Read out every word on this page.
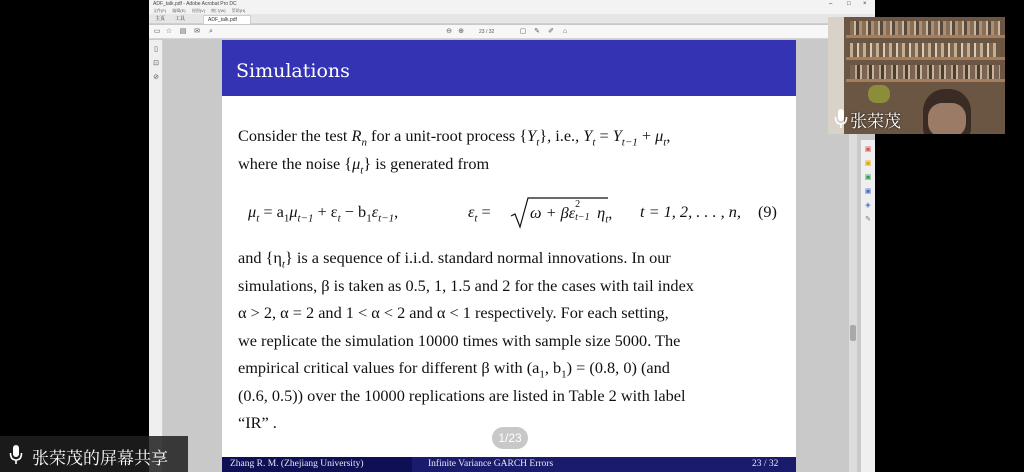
ADF_talk.pdf - Adobe Acrobat Pro DC	– □ ×
文件(F) 编辑(E) 视图(V) 窗口(W) 帮助(H)
主页	工具	ADF_talk.pdf
▭ ☆ ▤ ✉ ⌕	⊖ ⊕	23 / 32	▢ ✎ ✐ ⌂
▯
⊡
⊘	Simulations
Consider the test $R_n$ for a unit-root process $\{Y_t\}$, i.e., $Y_t = Y_{t-1} + \mu_t$,
where the noise $\{\mu_t\}$ is generated from
$\mu_t = a_1\mu_{t-1} + \varepsilon_t - b_1\varepsilon_{t-1}$,	$\varepsilon_t = \omega + \beta\varepsilon$ 2
t−1 $\eta_t$, t = 1, 2, . . . , n, (9)
and $\{\eta_t\}$ is a sequence of i.i.d. standard normal innovations. In our
simulations, β is taken as 0.5, 1, 1.5 and 2 for the cases with tail index
α > 2, α = 2 and 1 < α < 2 and α < 1 respectively. For each setting,
we replicate the simulation 10000 times with sample size 5000. The
empirical critical values for different β with ($a_1$, $b_1) = (0.8$, 0) (and
(0.6, 0.5)) over the 10000 replications are listed in Table 2 with label
“IR” .
1/23
Zhang R. M. (Zhejiang University)	Infinite Variance GARCH Errors	23 / 32
▣
▣
▣
▣
◈
✎
张荣茂
张荣茂的屏幕共享
